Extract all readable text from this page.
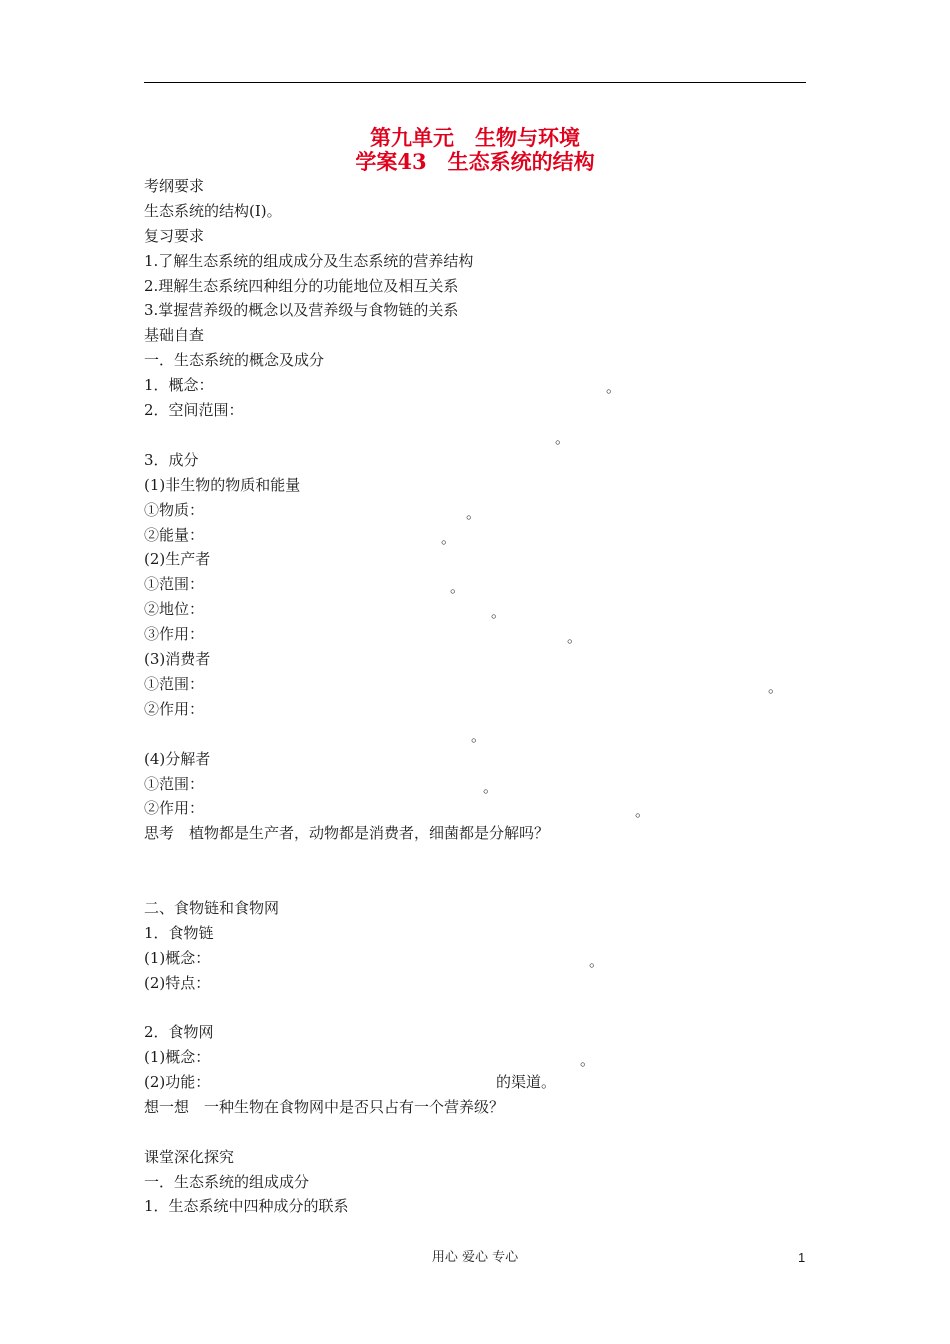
第九单元　生物与环境
学案43　生态系统的结构
考纲要求
生态系统的结构(Ⅰ)。
复习要求
1.了解生态系统的组成成分及生态系统的营养结构
2.理解生态系统四种组分的功能地位及相互关系
3.掌握营养级的概念以及营养级与食物链的关系
基础自查
一．生态系统的概念及成分
1．概念：	。
2．空间范围：
。
3．成分
(1)非生物的物质和能量
①物质：	。
②能量：	。
(2)生产者
①范围：	。
②地位：	。
③作用：	。
(3)消费者
①范围：	。
②作用：
。
(4)分解者
①范围：	。
②作用：	。
思考　植物都是生产者，动物都是消费者，细菌都是分解吗？
二、食物链和食物网
1．食物链
(1)概念：	。
(2)特点：
2．食物网
(1)概念：	。
(2)功能：	的渠道。
想一想　一种生物在食物网中是否只占有一个营养级？
课堂深化探究
一．生态系统的组成成分
1．生态系统中四种成分的联系
用心 爱心 专心	1
